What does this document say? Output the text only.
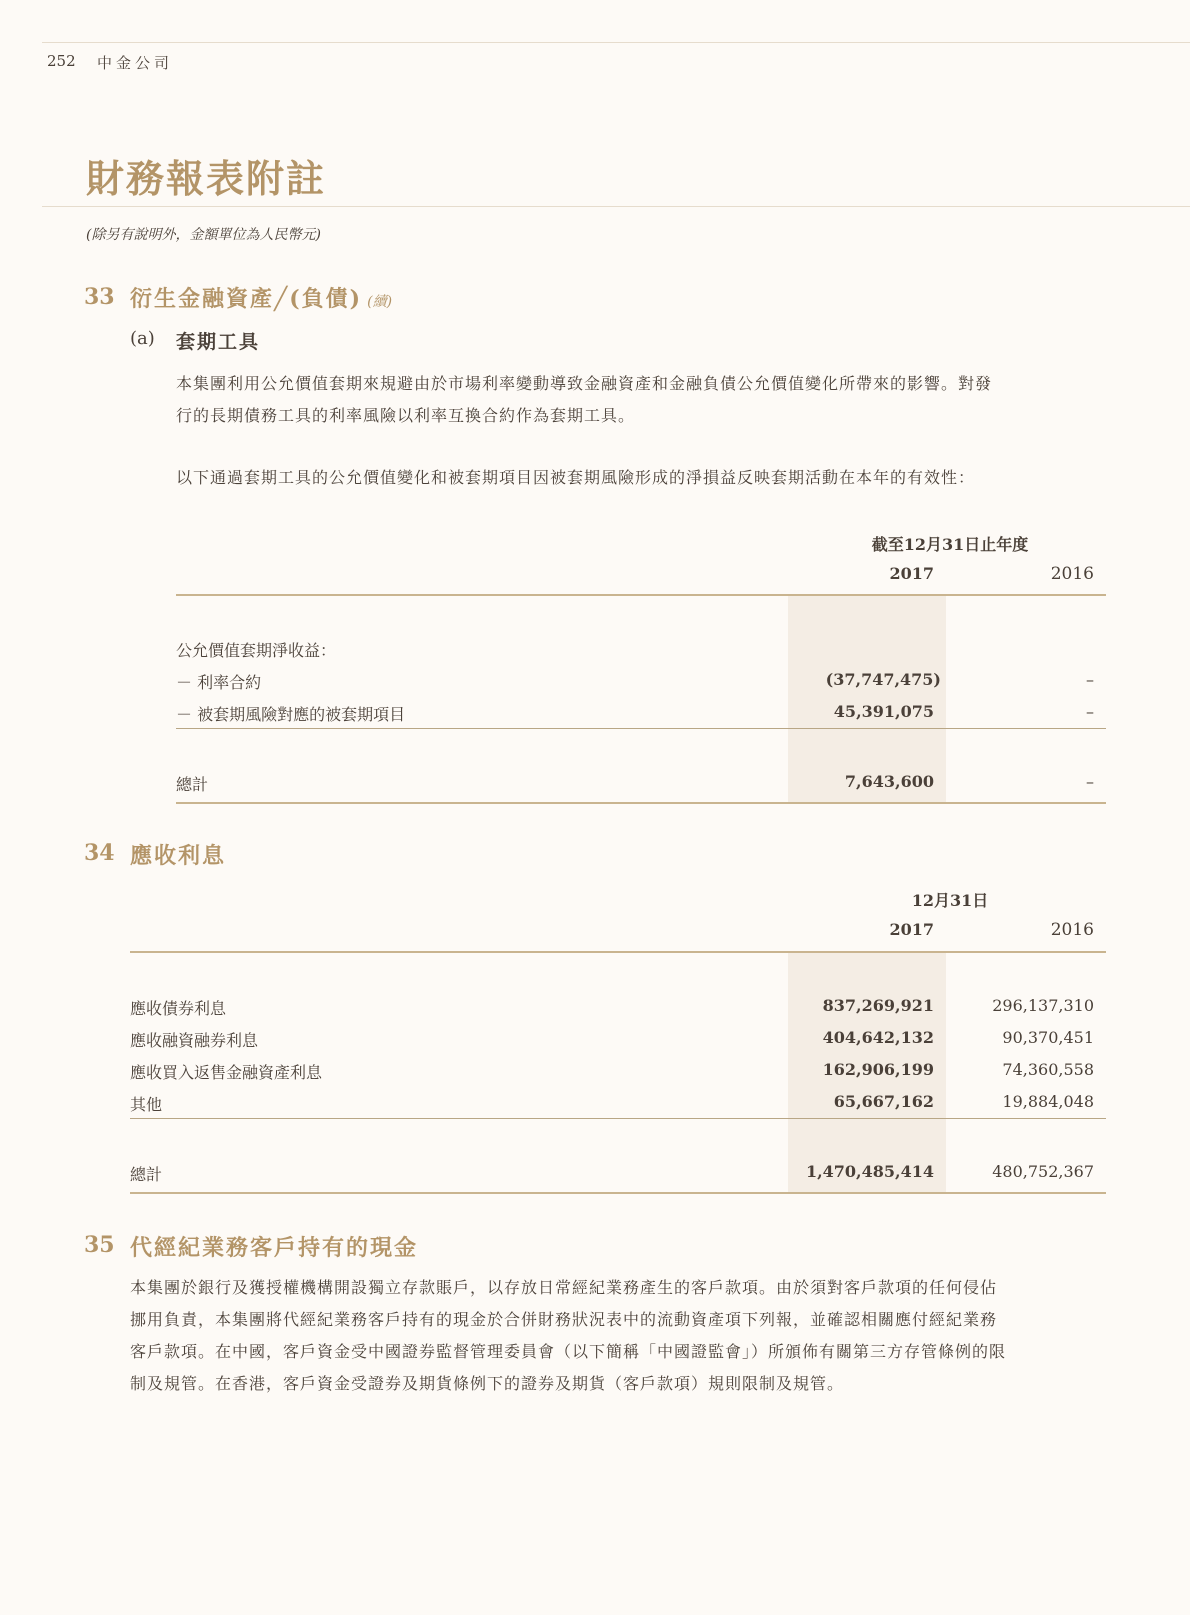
252 中金公司
財務報表附註
(除另有說明外，金額單位為人民幣元)
33 衍生金融資產╱(負債) (續)
(a) 套期工具
本集團利用公允價值套期來規避由於市場利率變動導致金融資產和金融負債公允價值變化所帶來的影響。對發
行的長期債務工具的利率風險以利率互換合約作為套期工具。
以下通過套期工具的公允價值變化和被套期項目因被套期風險形成的淨損益反映套期活動在本年的有效性：
截至12月31日止年度
2017	2016
公允價值套期淨收益：
－ 利率合約	(37,747,475)	–
－ 被套期風險對應的被套期項目	45,391,075	–
總計	7,643,600	–
34 應收利息
12月31日
2017	2016
應收債券利息	837,269,921	296,137,310
應收融資融券利息	404,642,132	90,370,451
應收買入返售金融資產利息	162,906,199	74,360,558
其他	65,667,162	19,884,048
總計	1,470,485,414	480,752,367
35 代經紀業務客戶持有的現金
本集團於銀行及獲授權機構開設獨立存款賬戶，以存放日常經紀業務產生的客戶款項。由於須對客戶款項的任何侵佔
挪用負責，本集團將代經紀業務客戶持有的現金於合併財務狀況表中的流動資產項下列報，並確認相關應付經紀業務
客戶款項。在中國，客戶資金受中國證券監督管理委員會（以下簡稱「中國證監會」）所頒佈有關第三方存管條例的限
制及規管。在香港，客戶資金受證券及期貨條例下的證券及期貨（客戶款項）規則限制及規管。
